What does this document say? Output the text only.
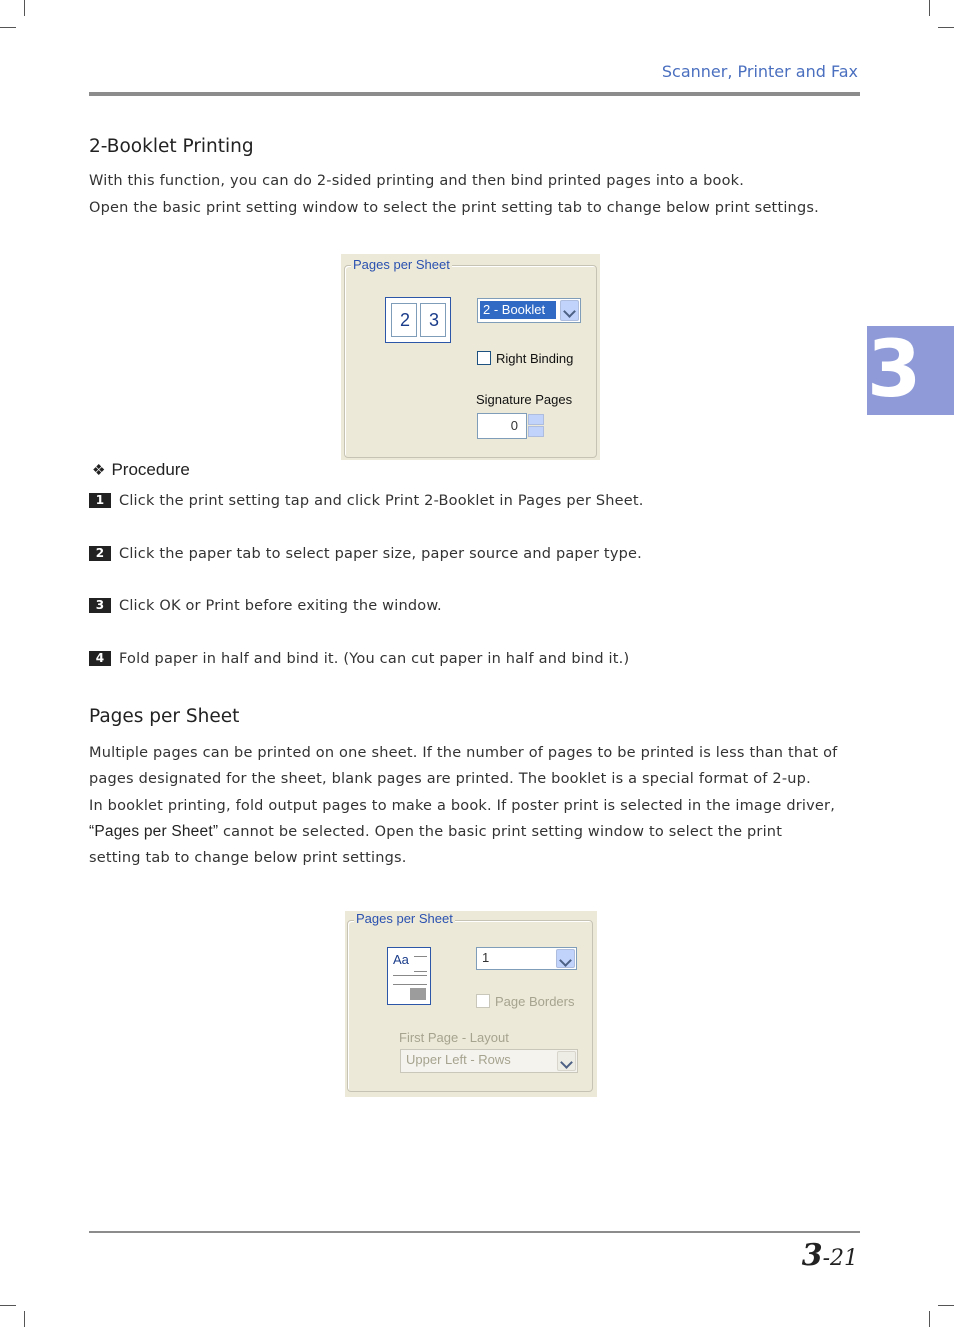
Scanner, Printer and Fax
3
2-Booklet Printing

With this function, you can do 2-sided printing and then bind printed pages into a book.

Open the basic print setting window to select the print setting tab to change below print settings.

Pages per Sheet
2 3
2 - Booklet
Right Binding
Signature Pages
0
❖ Procedure
1 Click the print setting tap and click Print 2-Booklet in Pages per Sheet.
2 Click the paper tab to select paper size, paper source and paper type.
3 Click OK or Print before exiting the window.
4 Fold paper in half and bind it. (You can cut paper in half and bind it.)
Pages per Sheet

Multiple pages can be printed on one sheet. If the number of pages to be printed is less than that of

pages designated for the sheet, blank pages are printed. The booklet is a special format of 2-up.

In booklet printing, fold output pages to make a book. If poster print is selected in the image driver,

“Pages per Sheet” cannot be selected. Open the basic print setting window to select the print

setting tab to change below print settings.

Pages per Sheet
Aa	1
Page Borders
First Page - Layout
Upper Left - Rows
3-21
